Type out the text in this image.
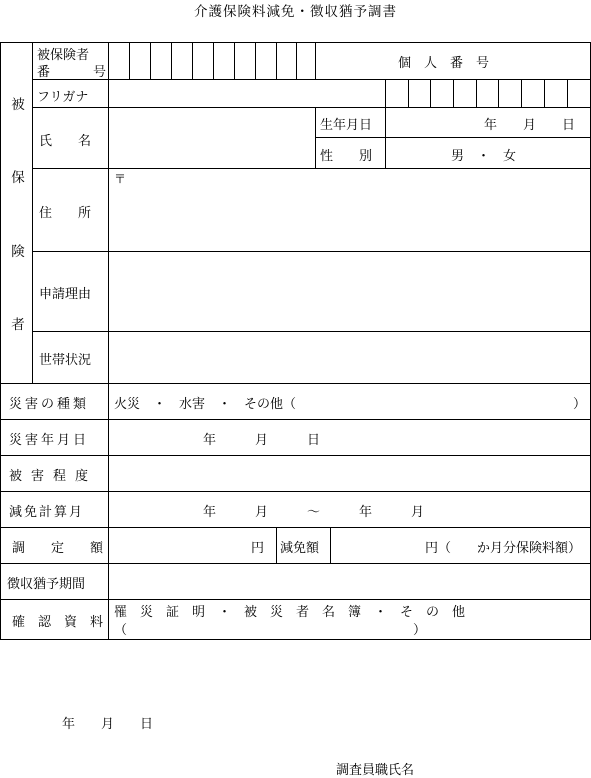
介護保険料減免・徴収猶予調書
被
保
険
者
被保険者
番	号
個　人　番　号
フリガナ
氏　　名
生年月日	年　　月　　日
性　　別	男　・　女
住　　所
〒
申請理由
世帯状況
災害の種類 火災　・　水害　・　その他（	）
災害年月日	年　　　月　　　日
被害程度
減免計算月	年　　　月　　　～　　　年　　　月
調　　定　　額	円 減免額	円（　　か月分保険料額）
徴収猶予期間
確　認　資　料
罹　災　証　明　・　被　災　者　名　簿　・　そ　の　他
（	）
年　　月　　日
調査員職氏名
